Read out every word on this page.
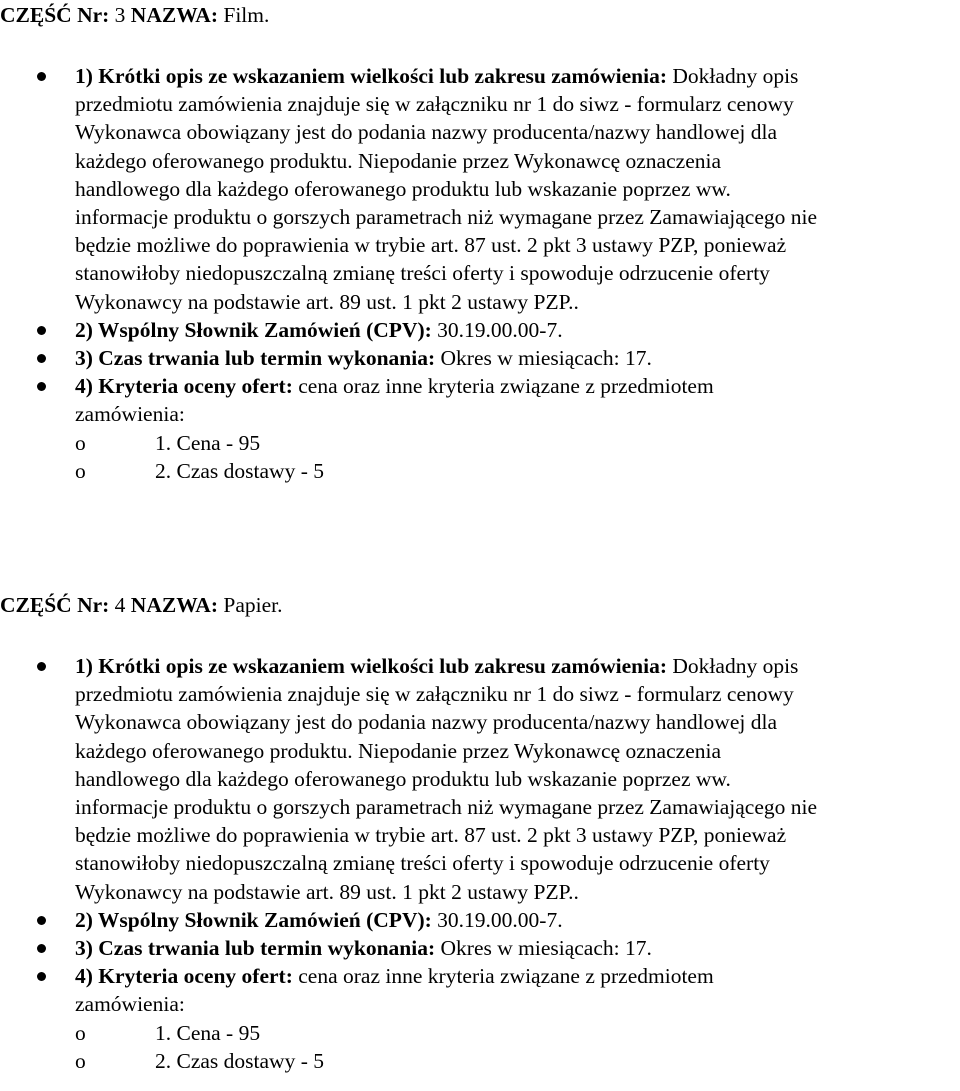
CZĘŚĆ Nr: 3 NAZWA: Film.
1) Krótki opis ze wskazaniem wielkości lub zakresu zamówienia: Dokładny opis
przedmiotu zamówienia znajduje się w załączniku nr 1 do siwz - formularz cenowy
Wykonawca obowiązany jest do podania nazwy producenta/nazwy handlowej dla
każdego oferowanego produktu. Niepodanie przez Wykonawcę oznaczenia
handlowego dla każdego oferowanego produktu lub wskazanie poprzez ww.
informacje produktu o gorszych parametrach niż wymagane przez Zamawiającego nie
będzie możliwe do poprawienia w trybie art. 87 ust. 2 pkt 3 ustawy PZP, ponieważ
stanowiłoby niedopuszczalną zmianę treści oferty i spowoduje odrzucenie oferty
Wykonawcy na podstawie art. 89 ust. 1 pkt 2 ustawy PZP..
2) Wspólny Słownik Zamówień (CPV): 30.19.00.00-7.
3) Czas trwania lub termin wykonania: Okres w miesiącach: 17.
4) Kryteria oceny ofert: cena oraz inne kryteria związane z przedmiotem
zamówienia:
o	1. Cena - 95
o	2. Czas dostawy - 5
CZĘŚĆ Nr: 4 NAZWA: Papier.
1) Krótki opis ze wskazaniem wielkości lub zakresu zamówienia: Dokładny opis
przedmiotu zamówienia znajduje się w załączniku nr 1 do siwz - formularz cenowy
Wykonawca obowiązany jest do podania nazwy producenta/nazwy handlowej dla
każdego oferowanego produktu. Niepodanie przez Wykonawcę oznaczenia
handlowego dla każdego oferowanego produktu lub wskazanie poprzez ww.
informacje produktu o gorszych parametrach niż wymagane przez Zamawiającego nie
będzie możliwe do poprawienia w trybie art. 87 ust. 2 pkt 3 ustawy PZP, ponieważ
stanowiłoby niedopuszczalną zmianę treści oferty i spowoduje odrzucenie oferty
Wykonawcy na podstawie art. 89 ust. 1 pkt 2 ustawy PZP..
2) Wspólny Słownik Zamówień (CPV): 30.19.00.00-7.
3) Czas trwania lub termin wykonania: Okres w miesiącach: 17.
4) Kryteria oceny ofert: cena oraz inne kryteria związane z przedmiotem
zamówienia:
o	1. Cena - 95
o	2. Czas dostawy - 5
